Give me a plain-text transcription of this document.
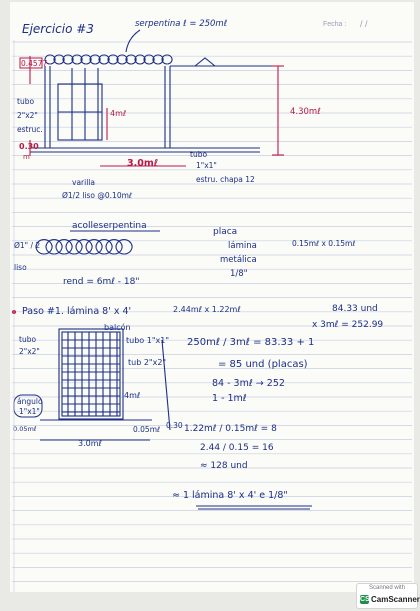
Fecha : / /
Ejercicio #3	serpentina ℓ = 250mℓ
0.4577
tubo
2"x2"
estruc.
4mℓ	4.30mℓ
0.30
m
3.0mℓ
tubo
1"x1"
varilla
Ø1/2 liso @0.10mℓ
estru. chapa 12
acolleserpentina
Ø1" / 2
liso
rend = 6mℓ - 18"
placa
lámina
metálica
1/8"
0.15mℓ x 0.15mℓ
Paso #1. lámina 8' x 4'	2.44mℓ x 1.22mℓ	84.33 und
x 3mℓ = 252.99
balcón
tubo 1"x1"
tub 2"x2"
tubo
2"x2"
4mℓ
ángulo
1"x1"
0.05mℓ	0.05mℓ 0.30
3.0mℓ
250mℓ / 3mℓ = 83.33 + 1
= 85 und (placas)
84 - 3mℓ → 252
1 - 1mℓ
1.22mℓ / 0.15mℓ = 8
2.44 / 0.15 = 16
≈ 128 und
≈ 1 lámina 8' x 4' e 1/8"
Scanned with
CS CamScanner
